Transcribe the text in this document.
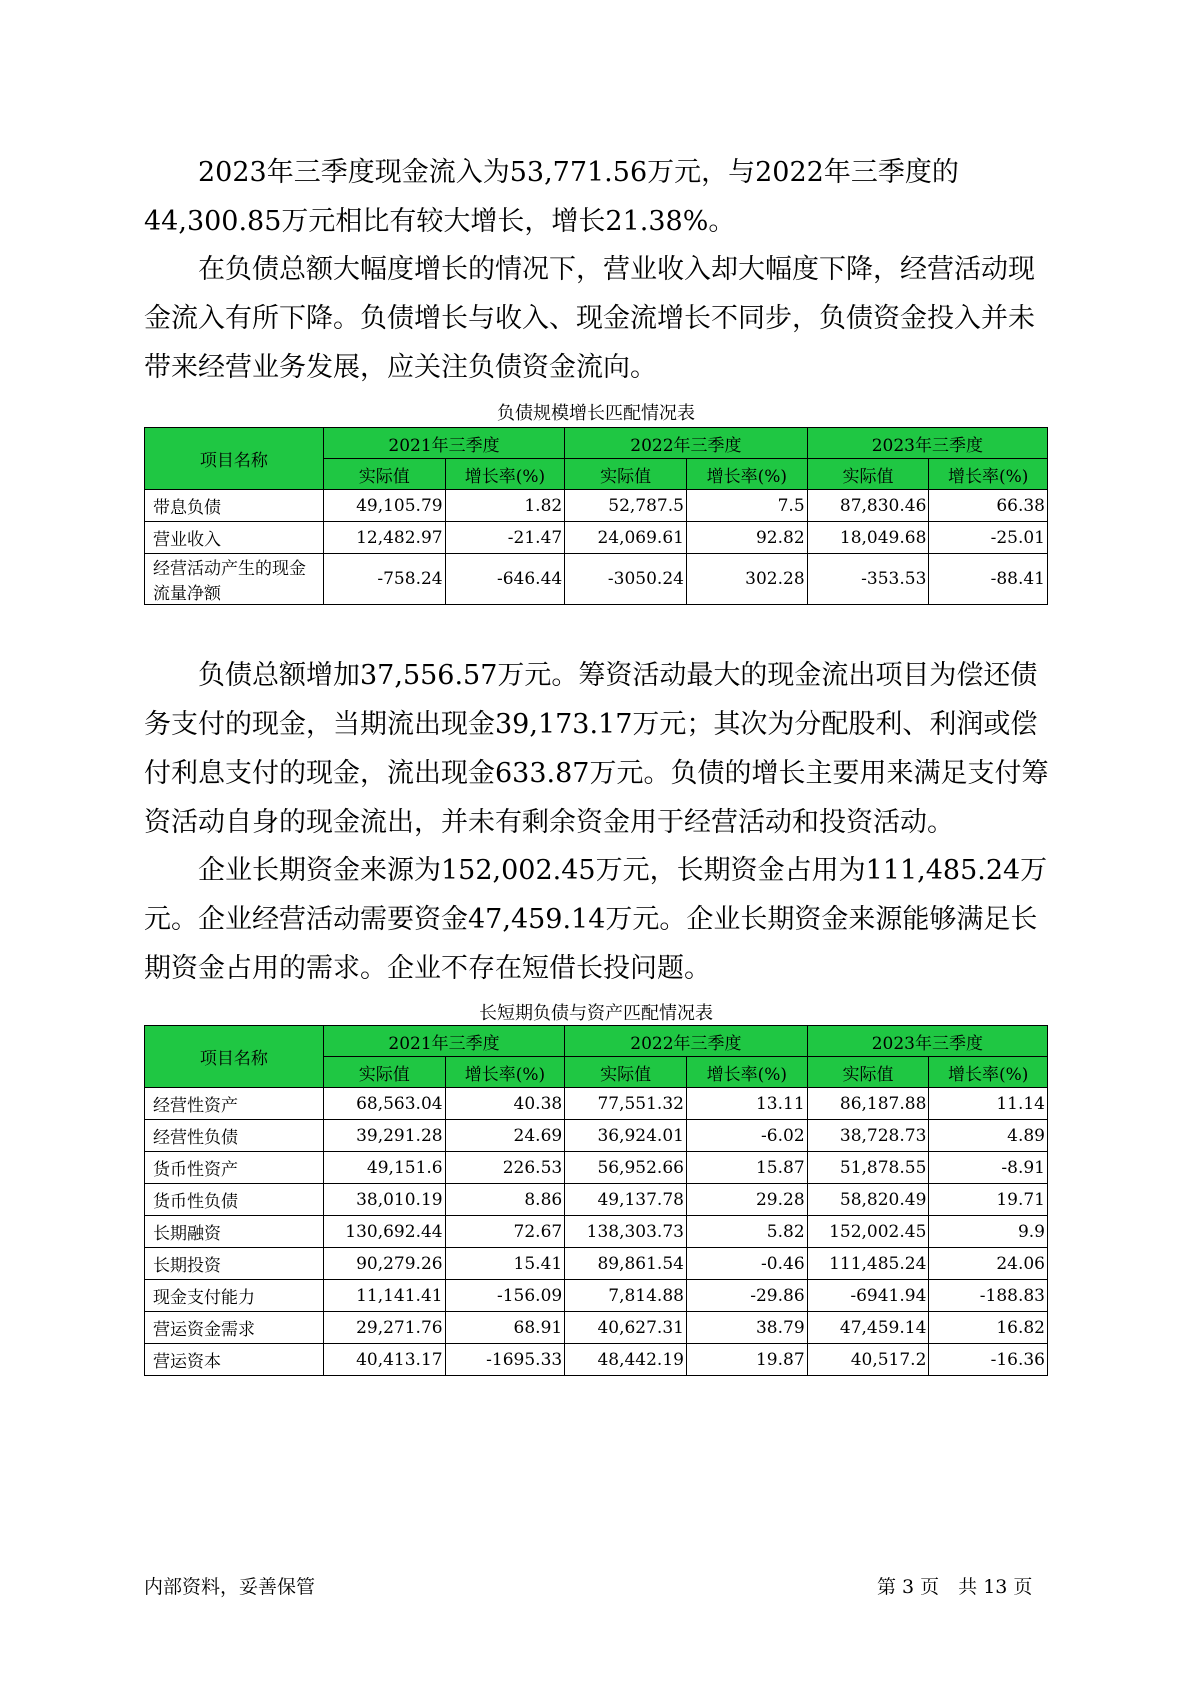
2023年三季度现金流入为53,771.56万元，与2022年三季度的44,300.85万元相比有较大增长，增长21.38%。

在负债总额大幅度增长的情况下，营业收入却大幅度下降，经营活动现金流入有所下降。负债增长与收入、现金流增长不同步，负债资金投入并未带来经营业务发展，应关注负债资金流向。

负债规模增长匹配情况表
项目名称	2021年三季度		2022年三季度		2023年三季度	
	实际值	增长率(%)	实际值	增长率(%)	实际值	增长率(%)
带息负债	49,105.79	1.82	52,787.5	7.5	87,830.46	66.38
营业收入	12,482.97	-21.47	24,069.61	92.82	18,049.68	-25.01
经营活动产生的现金流量净额	-758.24	-646.44	-3050.24	302.28	-353.53	-88.41

负债总额增加37,556.57万元。筹资活动最大的现金流出项目为偿还债务支付的现金，当期流出现金39,173.17万元；其次为分配股利、利润或偿付利息支付的现金，流出现金633.87万元。负债的增长主要用来满足支付筹资活动自身的现金流出，并未有剩余资金用于经营活动和投资活动。

企业长期资金来源为152,002.45万元，长期资金占用为111,485.24万元。企业经营活动需要资金47,459.14万元。企业长期资金来源能够满足长期资金占用的需求。企业不存在短借长投问题。

长短期负债与资产匹配情况表
项目名称	2021年三季度		2022年三季度		2023年三季度	
	实际值	增长率(%)	实际值	增长率(%)	实际值	增长率(%)
经营性资产	68,563.04	40.38	77,551.32	13.11	86,187.88	11.14
经营性负债	39,291.28	24.69	36,924.01	-6.02	38,728.73	4.89
货币性资产	49,151.6	226.53	56,952.66	15.87	51,878.55	-8.91
货币性负债	38,010.19	8.86	49,137.78	29.28	58,820.49	19.71
长期融资	130,692.44	72.67	138,303.73	5.82	152,002.45	9.9
长期投资	90,279.26	15.41	89,861.54	-0.46	111,485.24	24.06
现金支付能力	11,141.41	-156.09	7,814.88	-29.86	-6941.94	-188.83
营运资金需求	29,271.76	68.91	40,627.31	38.79	47,459.14	16.82
营运资本	40,413.17	-1695.33	48,442.19	19.87	40,517.2	-16.36
内部资料，妥善保管	第 3 页　共 13 页
